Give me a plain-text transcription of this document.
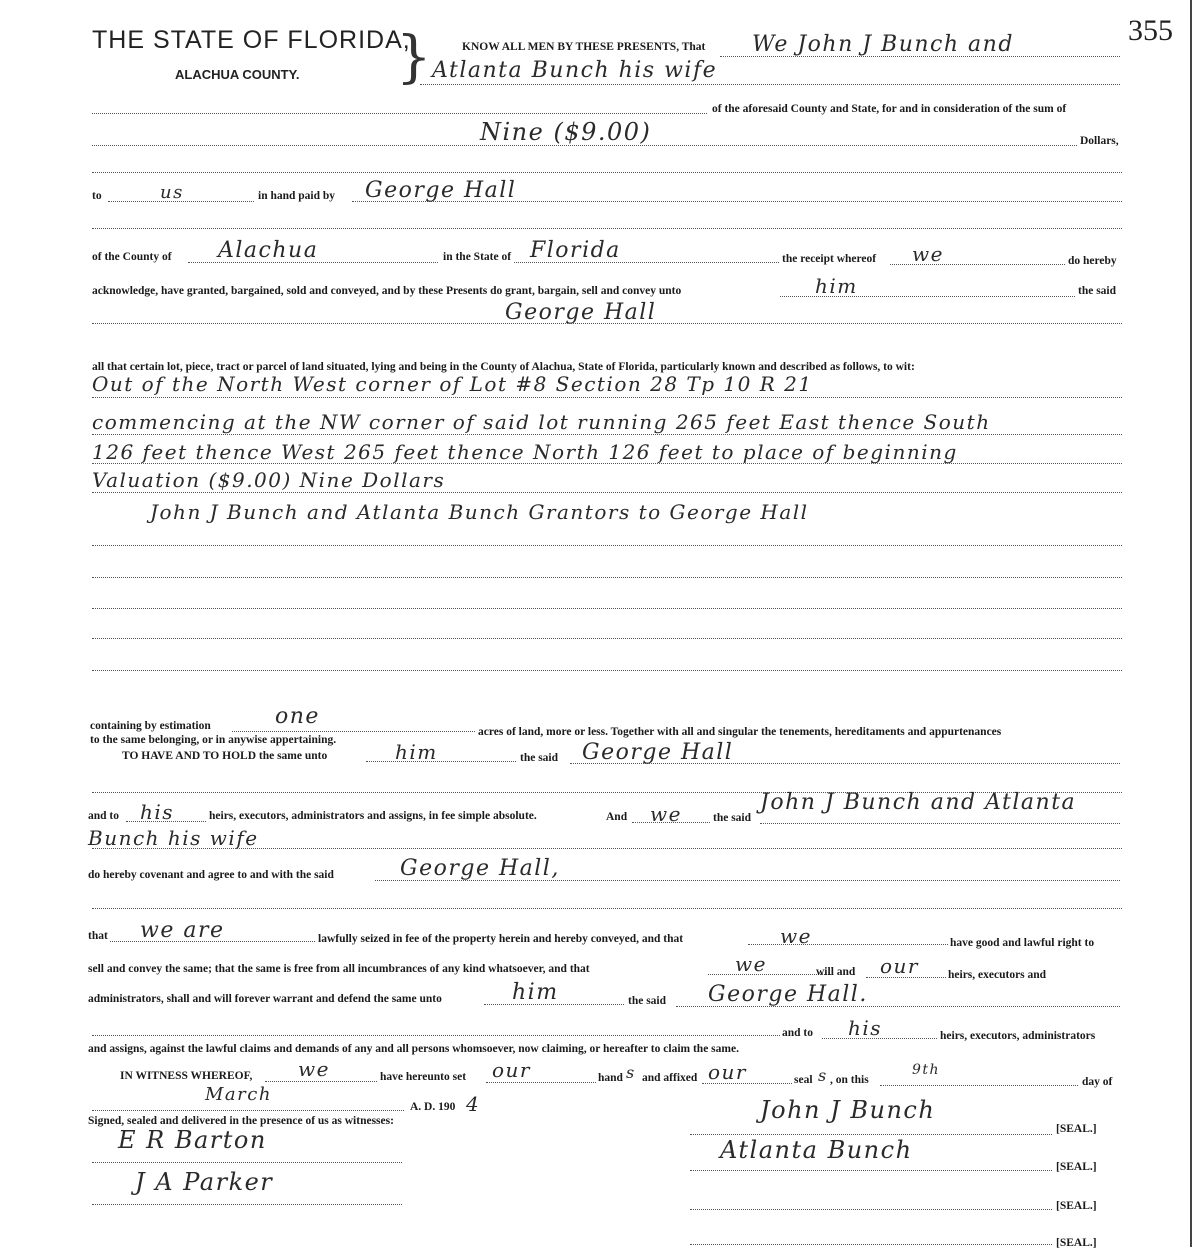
THE STATE OF FLORIDA,
ALACHUA COUNTY. }	355
KNOW ALL MEN BY THESE PRESENTS, That We John J Bunch and
Atlanta Bunch his wife
of the aforesaid County and State, for and in consideration of the sum of
Nine ($9.00)	Dollars,
to	us	in hand paid by George Hall
of the County of Alachua	in the State of Florida	the receipt whereof we	do hereby
acknowledge, have granted, bargained, sold and conveyed, and by these Presents do grant, bargain, sell and convey unto	him	the said
George Hall
all that certain lot, piece, tract or parcel of land situated, lying and being in the County of Alachua, State of Florida, particularly known and described as follows, to wit:
Out of the North West corner of Lot #8 Section 28 Tp 10 R 21
commencing at the NW corner of said lot running 265 feet East thence South
126 feet thence West 265 feet thence North 126 feet to place of beginning
Valuation ($9.00) Nine Dollars
John J Bunch and Atlanta Bunch Grantors to George Hall
containing by estimation	one
acres of land, more or less. Together with all and singular the tenements, hereditaments and appurtenances
to the same belonging, or in anywise appertaining.
TO HAVE AND TO HOLD the same unto	him	the said George Hall
and to his	heirs, executors, administrators and assigns, in fee simple absolute.	And we	the said
John J Bunch and Atlanta
Bunch his wife
do hereby covenant and agree to and with the said	George Hall,
that we are	lawfully seized in fee of the property herein and hereby conveyed, and that	we	have good and lawful right to
sell and convey the same; that the same is free from all incumbrances of any kind whatsoever, and that	we	will and our	heirs, executors and
administrators, shall and will forever warrant and defend the same unto	him	the said George Hall.
and to his	heirs, executors, administrators
and assigns, against the lawful claims and demands of any and all persons whomsoever, now claiming, or hereafter to claim the same.
IN WITNESS WHEREOF, we	have hereunto set our	hand s and affixed our	seal s , on this
9th
day of
March
A. D. 190 4
Signed, sealed and delivered in the presence of us as witnesses:
E R Barton
J A Parker
John J Bunch
[SEAL.]
Atlanta Bunch
[SEAL.]
[SEAL.]
[SEAL.]
